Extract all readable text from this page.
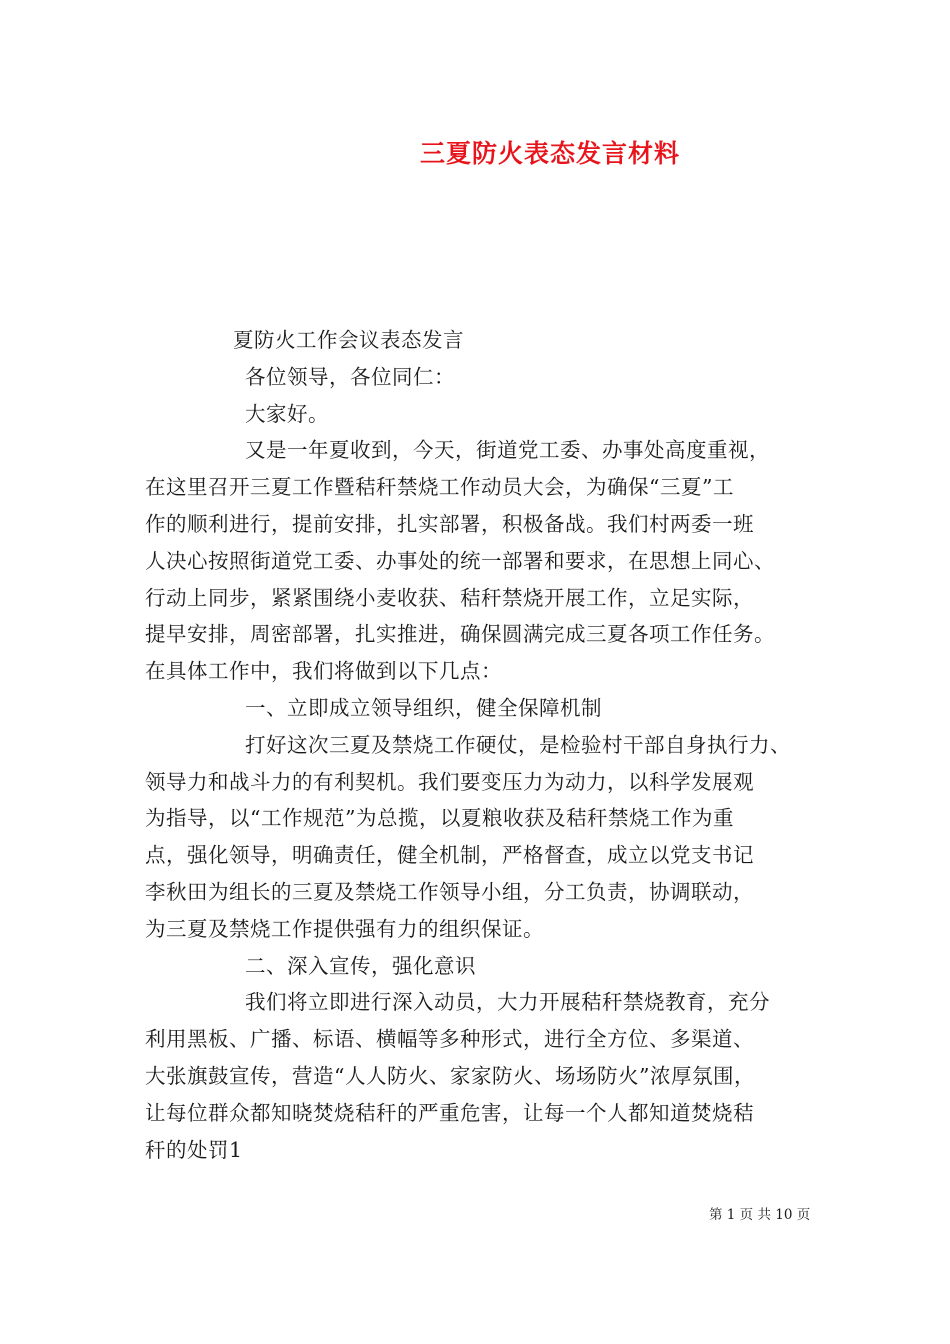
三夏防火表态发言材料
夏防火工作会议表态发言
各位领导，各位同仁：
大家好。
又是一年夏收到，今天，街道党工委、办事处高度重视，
在这里召开三夏工作暨秸秆禁烧工作动员大会，为确保“三夏”工
作的顺利进行，提前安排，扎实部署，积极备战。我们村两委一班
人决心按照街道党工委、办事处的统一部署和要求，在思想上同心、
行动上同步，紧紧围绕小麦收获、秸秆禁烧开展工作，立足实际，
提早安排，周密部署，扎实推进，确保圆满完成三夏各项工作任务。
在具体工作中，我们将做到以下几点：
一、立即成立领导组织，健全保障机制
打好这次三夏及禁烧工作硬仗，是检验村干部自身执行力、
领导力和战斗力的有利契机。我们要变压力为动力，以科学发展观
为指导，以“工作规范”为总揽，以夏粮收获及秸秆禁烧工作为重
点，强化领导，明确责任，健全机制，严格督查，成立以党支书记
李秋田为组长的三夏及禁烧工作领导小组，分工负责，协调联动，
为三夏及禁烧工作提供强有力的组织保证。
二、深入宣传，强化意识
我们将立即进行深入动员，大力开展秸秆禁烧教育，充分
利用黑板、广播、标语、横幅等多种形式，进行全方位、多渠道、
大张旗鼓宣传，营造“人人防火、家家防火、场场防火”浓厚氛围，
让每位群众都知晓焚烧秸秆的严重危害，让每一个人都知道焚烧秸
秆的处罚1
第 1 页 共 10 页
